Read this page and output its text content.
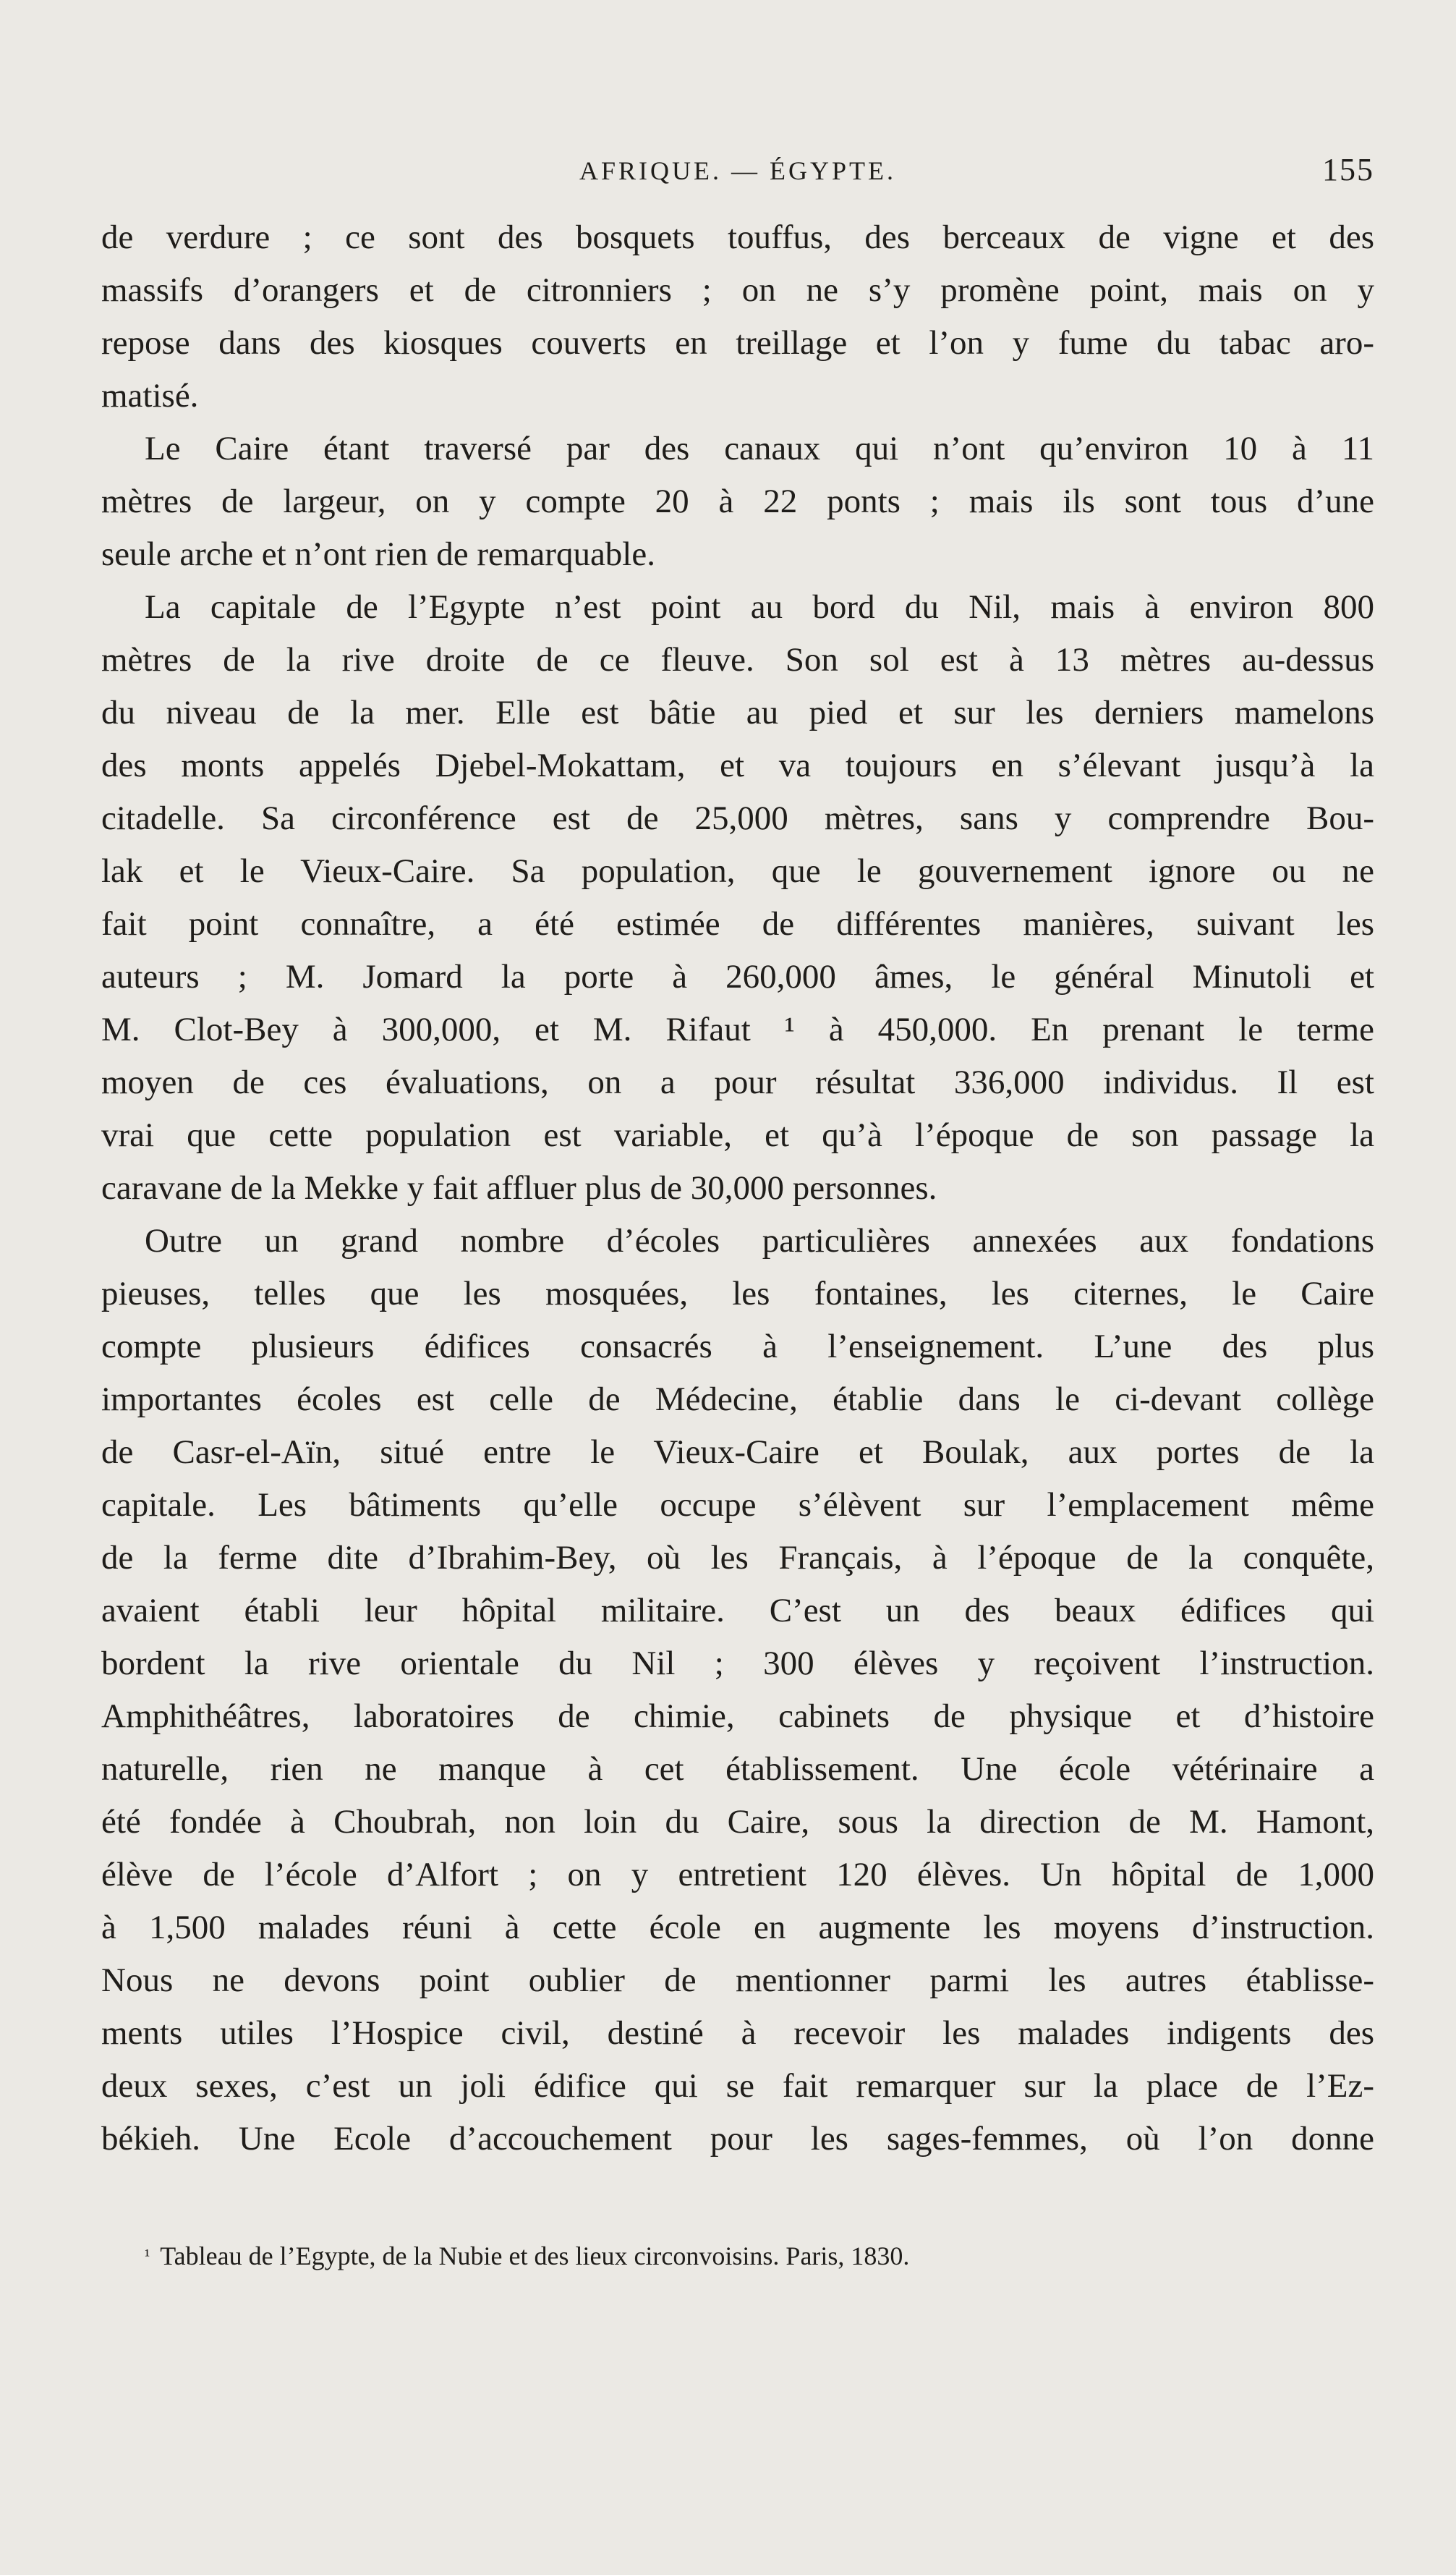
AFRIQUE. — ÉGYPTE.	155
de verdure ; ce sont des bosquets touffus, des berceaux de vigne et des
massifs d’orangers et de citronniers ; on ne s’y promène point, mais on y
repose dans des kiosques couverts en treillage et l’on y fume du tabac aro-
matisé.
Le Caire étant traversé par des canaux qui n’ont qu’environ 10 à 11
mètres de largeur, on y compte 20 à 22 ponts ; mais ils sont tous d’une
seule arche et n’ont rien de remarquable.
La capitale de l’Egypte n’est point au bord du Nil, mais à environ 800
mètres de la rive droite de ce fleuve. Son sol est à 13 mètres au-dessus
du niveau de la mer. Elle est bâtie au pied et sur les derniers mamelons
des monts appelés Djebel-Mokattam, et va toujours en s’élevant jusqu’à la
citadelle. Sa circonférence est de 25,000 mètres, sans y comprendre Bou-
lak et le Vieux-Caire. Sa population, que le gouvernement ignore ou ne
fait point connaître, a été estimée de différentes manières, suivant les
auteurs ; M. Jomard la porte à 260,000 âmes, le général Minutoli et
M. Clot-Bey à 300,000, et M. Rifaut ¹ à 450,000. En prenant le terme
moyen de ces évaluations, on a pour résultat 336,000 individus. Il est
vrai que cette population est variable, et qu’à l’époque de son passage la
caravane de la Mekke y fait affluer plus de 30,000 personnes.
Outre un grand nombre d’écoles particulières annexées aux fondations
pieuses, telles que les mosquées, les fontaines, les citernes, le Caire
compte plusieurs édifices consacrés à l’enseignement. L’une des plus
importantes écoles est celle de Médecine, établie dans le ci-devant collège
de Casr-el-Aïn, situé entre le Vieux-Caire et Boulak, aux portes de la
capitale. Les bâtiments qu’elle occupe s’élèvent sur l’emplacement même
de la ferme dite d’Ibrahim-Bey, où les Français, à l’époque de la conquête,
avaient établi leur hôpital militaire. C’est un des beaux édifices qui
bordent la rive orientale du Nil ; 300 élèves y reçoivent l’instruction.
Amphithéâtres, laboratoires de chimie, cabinets de physique et d’histoire
naturelle, rien ne manque à cet établissement. Une école vétérinaire a
été fondée à Choubrah, non loin du Caire, sous la direction de M. Hamont,
élève de l’école d’Alfort ; on y entretient 120 élèves. Un hôpital de 1,000
à 1,500 malades réuni à cette école en augmente les moyens d’instruction.
Nous ne devons point oublier de mentionner parmi les autres établisse-
ments utiles l’Hospice civil, destiné à recevoir les malades indigents des
deux sexes, c’est un joli édifice qui se fait remarquer sur la place de l’Ez-
békieh. Une Ecole d’accouchement pour les sages-femmes, où l’on donne
$^{^1}$ Tableau de l’Egypte, de la Nubie et des lieux circonvoisins. Paris, 1830.
